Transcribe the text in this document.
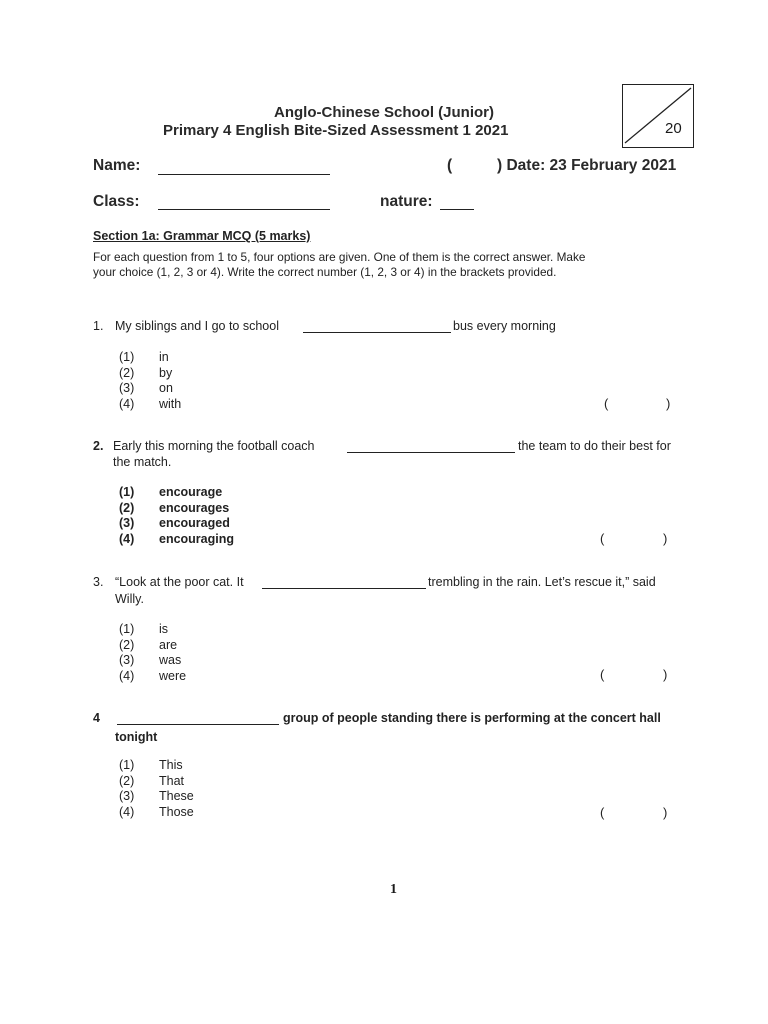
Anglo-Chinese School (Junior)
Primary 4 English Bite-Sized Assessment 1 2021	20
Name:	(	) Date: 23 February 2021
Class:	nature:
Section 1a: Grammar MCQ (5 marks)
For each question from 1 to 5, four options are given. One of them is the correct answer. Make
your choice (1, 2, 3 or 4). Write the correct number (1, 2, 3 or 4) in the brackets provided.
1. My siblings and I go to school	bus every morning
(1) in
(2) by
(3) on
(4) with	(	)
2. Early this morning the football coach	the team to do their best for
the match.
(1) encourage
(2) encourages
(3) encouraged
(4) encouraging	(	)
3. “Look at the poor cat. It	trembling in the rain. Let’s rescue it,” said
Willy.
(1) is
(2) are
(3) was
(4) were	(	)
4	group of people standing there is performing at the concert hall
tonight
(1) This
(2) That
(3) These
(4) Those	(	)
1
